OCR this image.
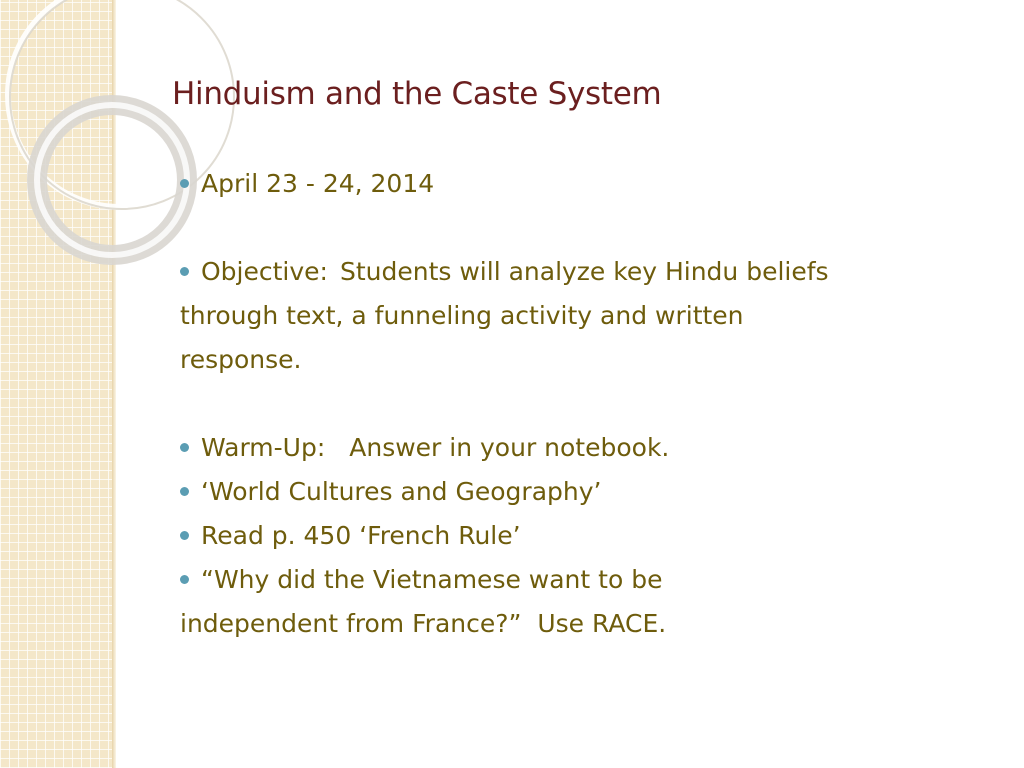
Hinduism and the Caste System

April 23 - 24, 2014

Objective: Students will analyze key Hindu beliefs

through text, a funneling activity and written

response.

Warm-Up: Answer in your notebook.

‘World Cultures and Geography’

Read p. 450 ‘French Rule’

“Why did the Vietnamese want to be

independent from France?”  Use RACE.
